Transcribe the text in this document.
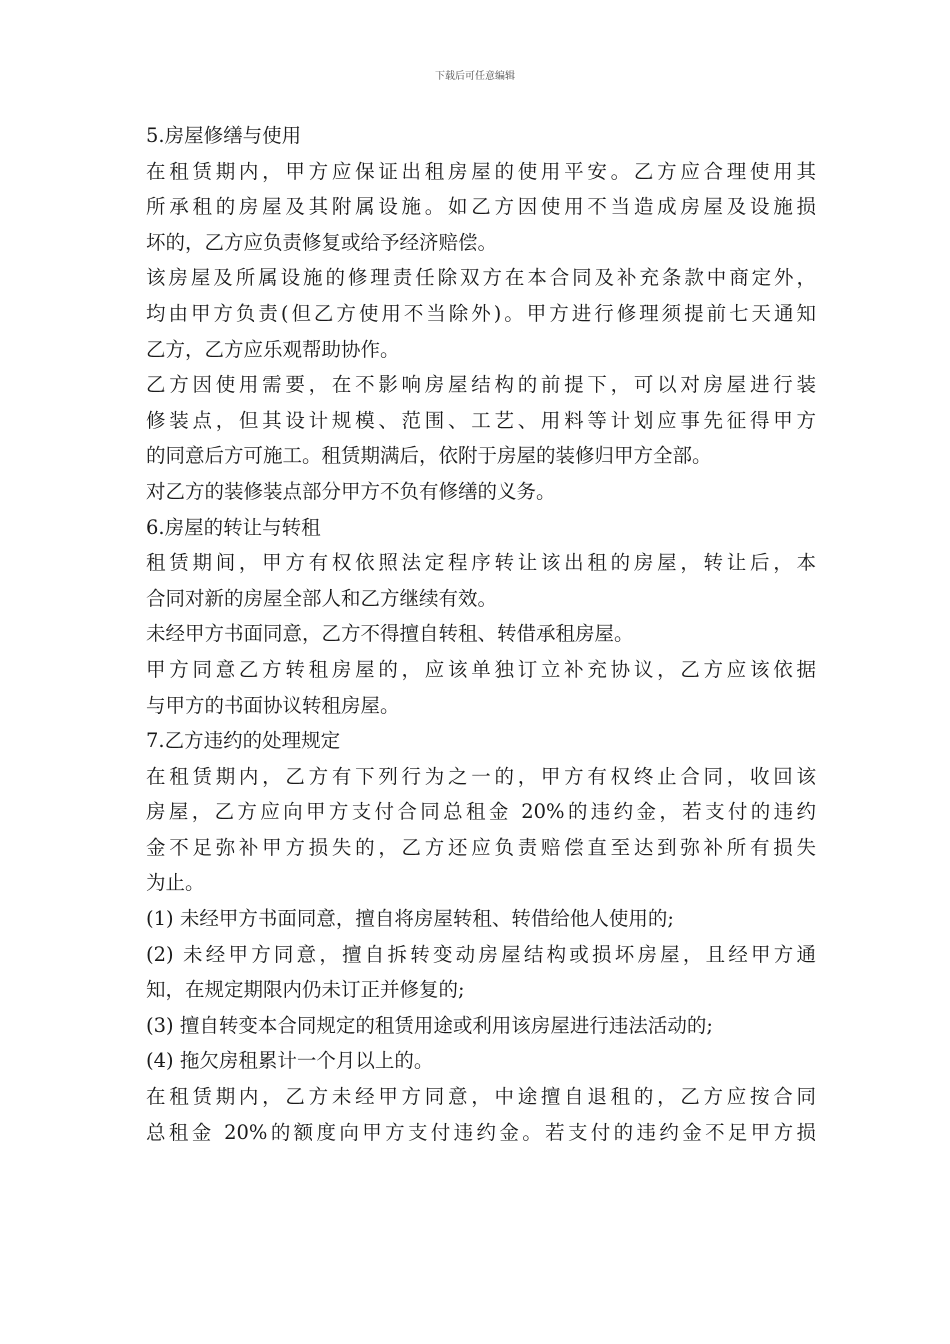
下载后可任意编辑
5.房屋修缮与使用
在租赁期内，甲方应保证出租房屋的使用平安。乙方应合理使用其
所承租的房屋及其附属设施。如乙方因使用不当造成房屋及设施损
坏的，乙方应负责修复或给予经济赔偿。
该房屋及所属设施的修理责任除双方在本合同及补充条款中商定外，
均由甲方负责(但乙方使用不当除外)。甲方进行修理须提前七天通知
乙方，乙方应乐观帮助协作。
乙方因使用需要，在不影响房屋结构的前提下，可以对房屋进行装
修装点，但其设计规模、范围、工艺、用料等计划应事先征得甲方
的同意后方可施工。租赁期满后，依附于房屋的装修归甲方全部。
对乙方的装修装点部分甲方不负有修缮的义务。
6.房屋的转让与转租
租赁期间，甲方有权依照法定程序转让该出租的房屋，转让后，本
合同对新的房屋全部人和乙方继续有效。
未经甲方书面同意，乙方不得擅自转租、转借承租房屋。
甲方同意乙方转租房屋的，应该单独订立补充协议，乙方应该依据
与甲方的书面协议转租房屋。
7.乙方违约的处理规定
在租赁期内，乙方有下列行为之一的，甲方有权终止合同，收回该
房屋，乙方应向甲方支付合同总租金 20%的违约金，若支付的违约
金不足弥补甲方损失的，乙方还应负责赔偿直至达到弥补所有损失
为止。
(1) 未经甲方书面同意，擅自将房屋转租、转借给他人使用的;
(2) 未经甲方同意，擅自拆转变动房屋结构或损坏房屋，且经甲方通
知，在规定期限内仍未订正并修复的;
(3) 擅自转变本合同规定的租赁用途或利用该房屋进行违法活动的;
(4) 拖欠房租累计一个月以上的。
在租赁期内，乙方未经甲方同意，中途擅自退租的，乙方应按合同
总租金 20%的额度向甲方支付违约金。若支付的违约金不足甲方损
